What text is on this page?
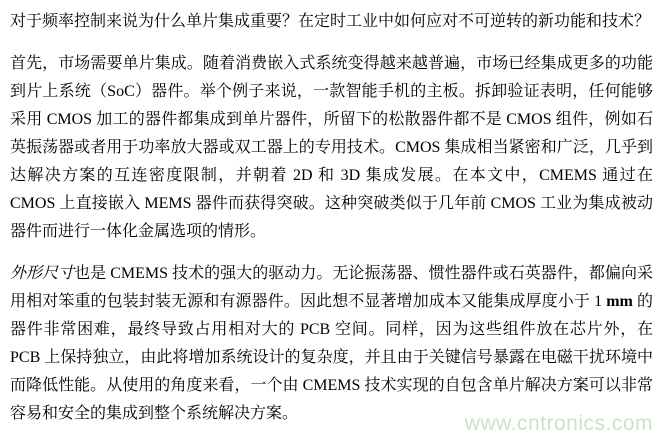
对于频率控制来说为什么单片集成重要？在定时工业中如何应对不可逆转的新功能和技术？

首先，市场需要单片集成。随着消费嵌入式系统变得越来越普遍，市场已经集成更多的功能到片上系统（SoC）器件。举个例子来说，一款智能手机的主板。拆卸验证表明，任何能够采用 CMOS 加工的器件都集成到单片器件，所留下的松散器件都不是 CMOS 组件，例如石英振荡器或者用于功率放大器或双工器上的专用技术。CMOS 集成相当紧密和广泛，几乎到达解决方案的互连密度限制，并朝着 2D 和 3D 集成发展。在本文中，CMEMS 通过在 CMOS 上直接嵌入 MEMS 器件而获得突破。这种突破类似于几年前 CMOS 工业为集成被动器件而进行一体化金属选项的情形。

外形尺寸也是 CMEMS 技术的强大的驱动力。无论振荡器、惯性器件或石英器件，都偏向采用相对笨重的包装封装无源和有源器件。因此想不显著增加成本又能集成厚度小于 1 mm 的器件非常困难，最终导致占用相对大的 PCB 空间。同样，因为这些组件放在芯片外，在 PCB 上保持独立，由此将增加系统设计的复杂度，并且由于关键信号暴露在电磁干扰环境中而降低性能。从使用的角度来看，一个由 CMEMS 技术实现的自包含单片解决方案可以非常容易和安全的集成到整个系统解决方案。	www.cntronics.com
